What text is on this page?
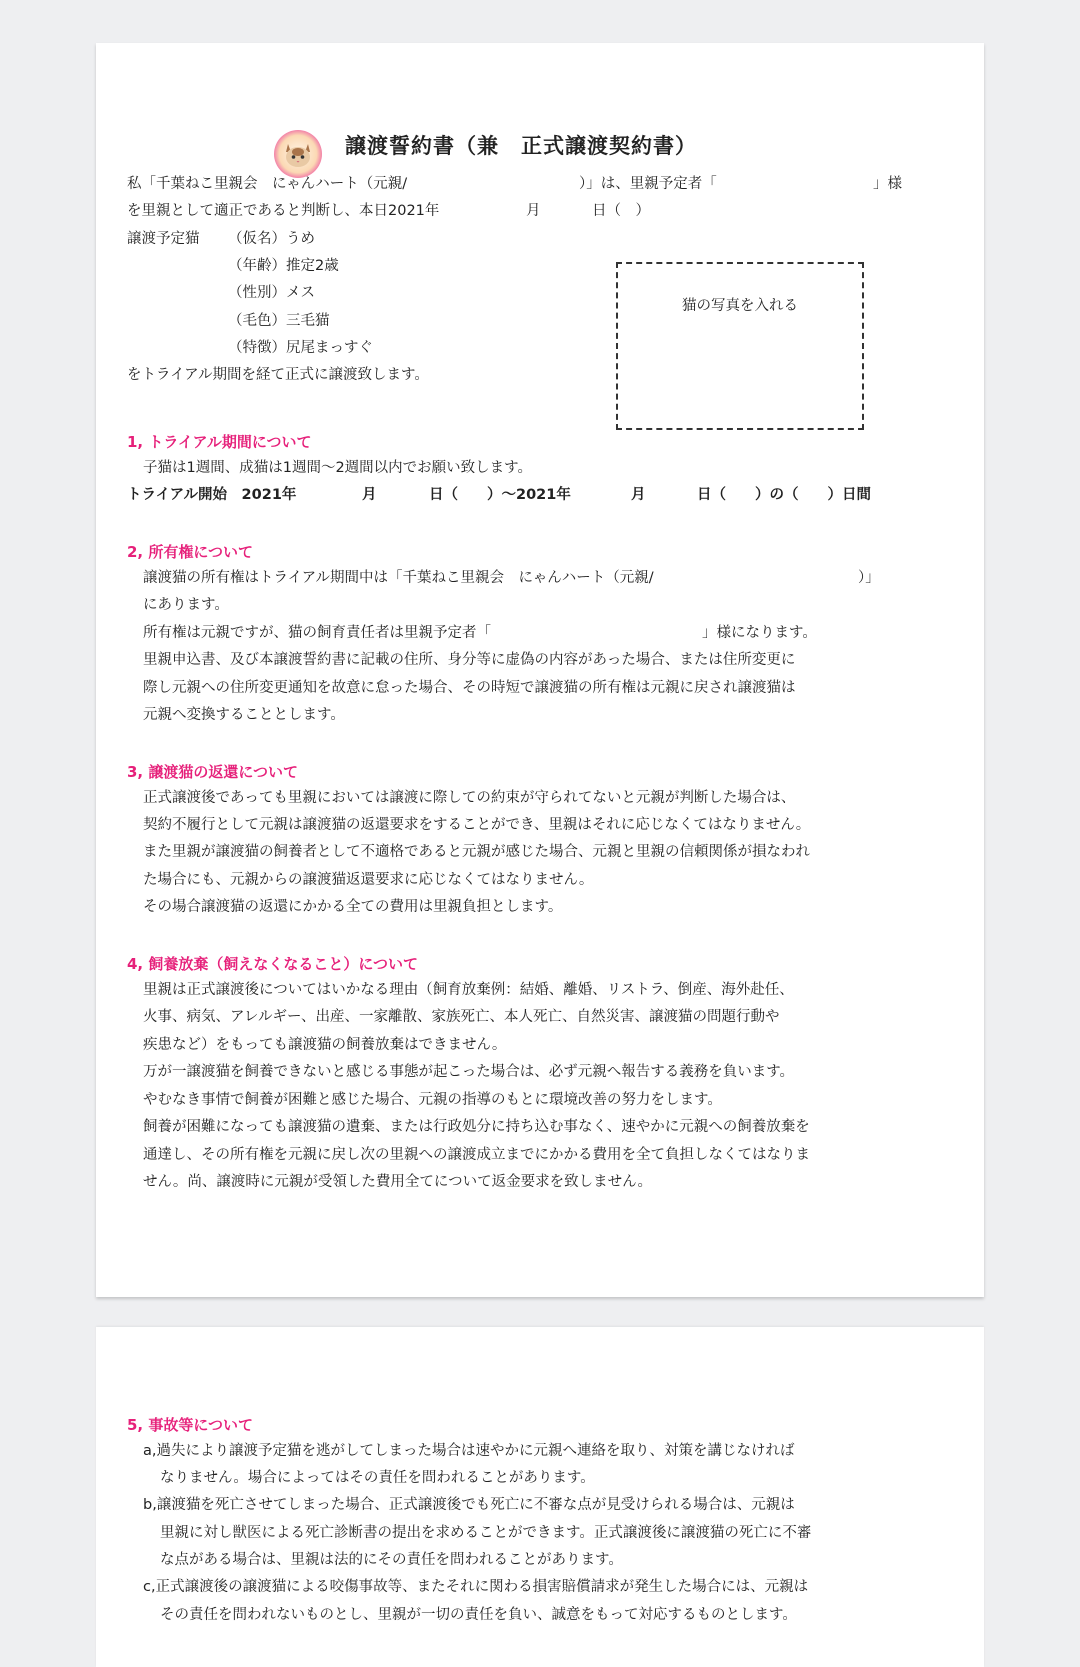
譲渡誓約書（兼　正式譲渡契約書）
私「千葉ねこ里親会　にゃんハート（元親/	）」は、里親予定者「	」様
を里親として適正であると判断し、本日2021年	月	日（　）
譲渡予定猫 （仮名）うめ
（年齢）推定2歳
（性別）メス
（毛色）三毛猫
（特徴）尻尾まっすぐ
をトライアル期間を経て正式に譲渡致します。
猫の写真を入れる
1, トライアル期間について
子猫は1週間、成猫は1週間〜2週間以内でお願い致します。
トライアル開始　2021年	月	日（　　）〜2021年	月	日（　　）の（　　）日間
2, 所有権について
譲渡猫の所有権はトライアル期間中は「千葉ねこ里親会　にゃんハート（元親/	）」
にあります。
所有権は元親ですが、猫の飼育責任者は里親予定者「	」様になります。
里親申込書、及び本譲渡誓約書に記載の住所、身分等に虚偽の内容があった場合、または住所変更に
際し元親への住所変更通知を故意に怠った場合、その時短で譲渡猫の所有権は元親に戻され譲渡猫は
元親へ変換することとします。
3, 譲渡猫の返還について
正式譲渡後であっても里親においては譲渡に際しての約束が守られてないと元親が判断した場合は、
契約不履行として元親は譲渡猫の返還要求をすることができ、里親はそれに応じなくてはなりません。
また里親が譲渡猫の飼養者として不適格であると元親が感じた場合、元親と里親の信頼関係が損なわれ
た場合にも、元親からの譲渡猫返還要求に応じなくてはなりません。
その場合譲渡猫の返還にかかる全ての費用は里親負担とします。
4, 飼養放棄（飼えなくなること）について
里親は正式譲渡後についてはいかなる理由（飼育放棄例：結婚、離婚、リストラ、倒産、海外赴任、
火事、病気、アレルギー、出産、一家離散、家族死亡、本人死亡、自然災害、譲渡猫の問題行動や
疾患など）をもっても譲渡猫の飼養放棄はできません。
万が一譲渡猫を飼養できないと感じる事態が起こった場合は、必ず元親へ報告する義務を負います。
やむなき事情で飼養が困難と感じた場合、元親の指導のもとに環境改善の努力をします。
飼養が困難になっても譲渡猫の遺棄、または行政処分に持ち込む事なく、速やかに元親への飼養放棄を
通達し、その所有権を元親に戻し次の里親への譲渡成立までにかかる費用を全て負担しなくてはなりま
せん。尚、譲渡時に元親が受領した費用全てについて返金要求を致しません。
5, 事故等について
a,過失により譲渡予定猫を逃がしてしまった場合は速やかに元親へ連絡を取り、対策を講じなければ
なりません。場合によってはその責任を問われることがあります。
b,譲渡猫を死亡させてしまった場合、正式譲渡後でも死亡に不審な点が見受けられる場合は、元親は
里親に対し獣医による死亡診断書の提出を求めることができます。正式譲渡後に譲渡猫の死亡に不審
な点がある場合は、里親は法的にその責任を問われることがあります。
c,正式譲渡後の譲渡猫による咬傷事故等、またそれに関わる損害賠償請求が発生した場合には、元親は
その責任を問われないものとし、里親が一切の責任を負い、誠意をもって対応するものとします。
